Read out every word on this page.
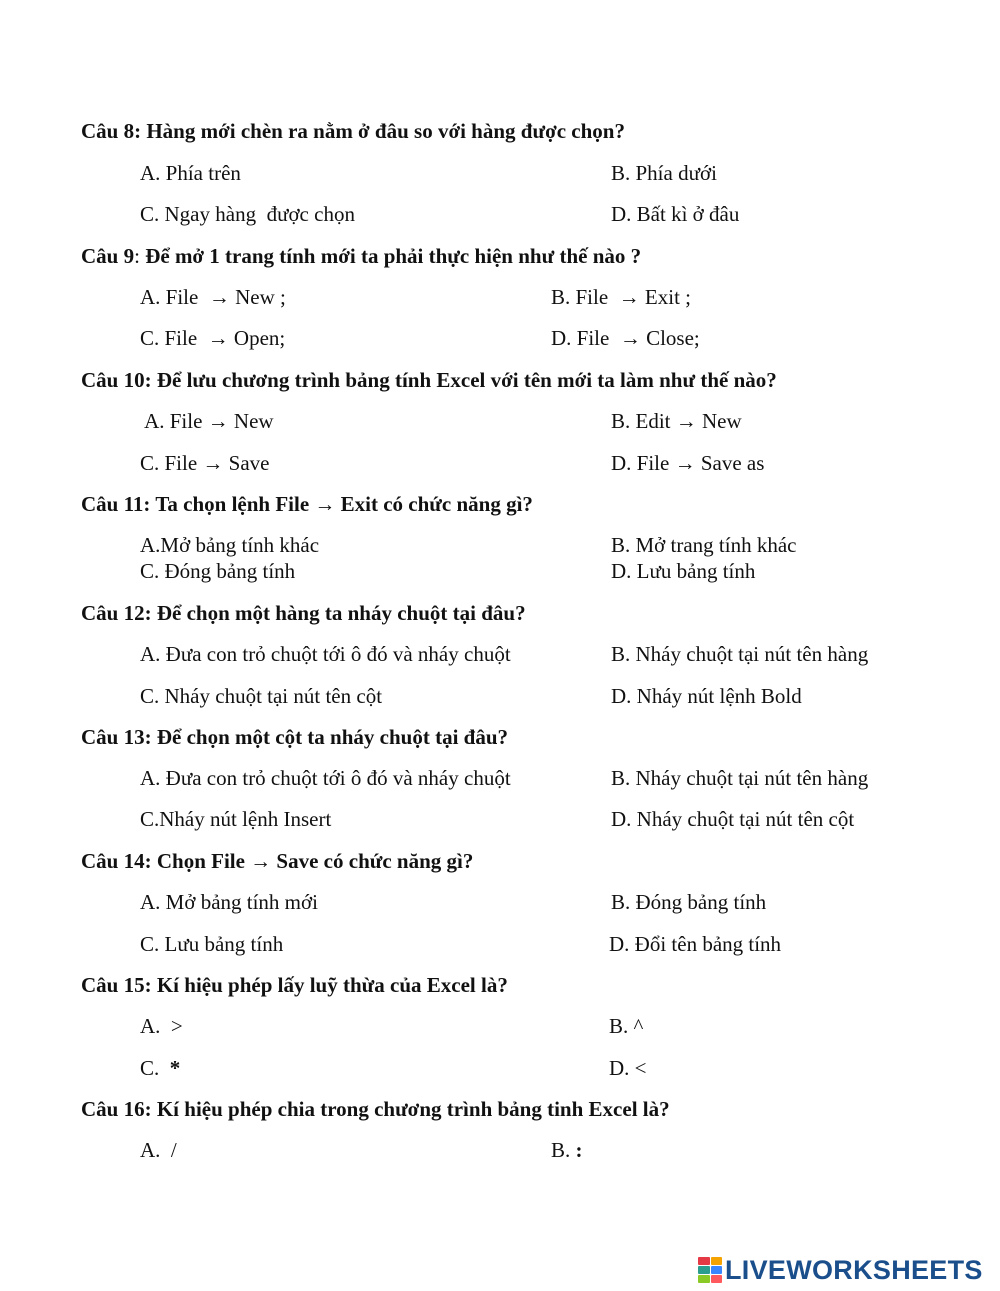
Câu 8: Hàng mới chèn ra nằm ở đâu so với hàng được chọn?
A. Phía trên	B. Phía dưới
C. Ngay hàng  được chọn	D. Bất kì ở đâu
Câu 9: Để mở 1 trang tính mới ta phải thực hiện như thế nào ?
A. File  → New ;	B. File  → Exit ;
C. File  → Open;	D. File  → Close;
Câu 10: Để lưu chương trình bảng tính Excel với tên mới ta làm như thế nào?
A. File → New	B. Edit → New
C. File → Save	D. File → Save as
Câu 11: Ta chọn lệnh File → Exit có chức năng gì?
A.Mở bảng tính khác	B. Mở trang tính khác
C. Đóng bảng tính	D. Lưu bảng tính
Câu 12: Để chọn một hàng ta nháy chuột tại đâu?
A. Đưa con trỏ chuột tới ô đó và nháy chuột	B. Nháy chuột tại nút tên hàng
C. Nháy chuột tại nút tên cột	D. Nháy nút lệnh Bold
Câu 13: Để chọn một cột ta nháy chuột tại đâu?
A. Đưa con trỏ chuột tới ô đó và nháy chuột	B. Nháy chuột tại nút tên hàng
C.Nháy nút lệnh Insert	D. Nháy chuột tại nút tên cột
Câu 14: Chọn File → Save có chức năng gì?
A. Mở bảng tính mới	B. Đóng bảng tính
C. Lưu bảng tính	D. Đổi tên bảng tính
Câu 15: Kí hiệu phép lấy luỹ thừa của Excel là?
A.  >	B. ^
C.  *	D. <
Câu 16: Kí hiệu phép chia trong chương trình bảng tinh Excel là?
A.  /	B. :
LIVEWORKSHEETS
